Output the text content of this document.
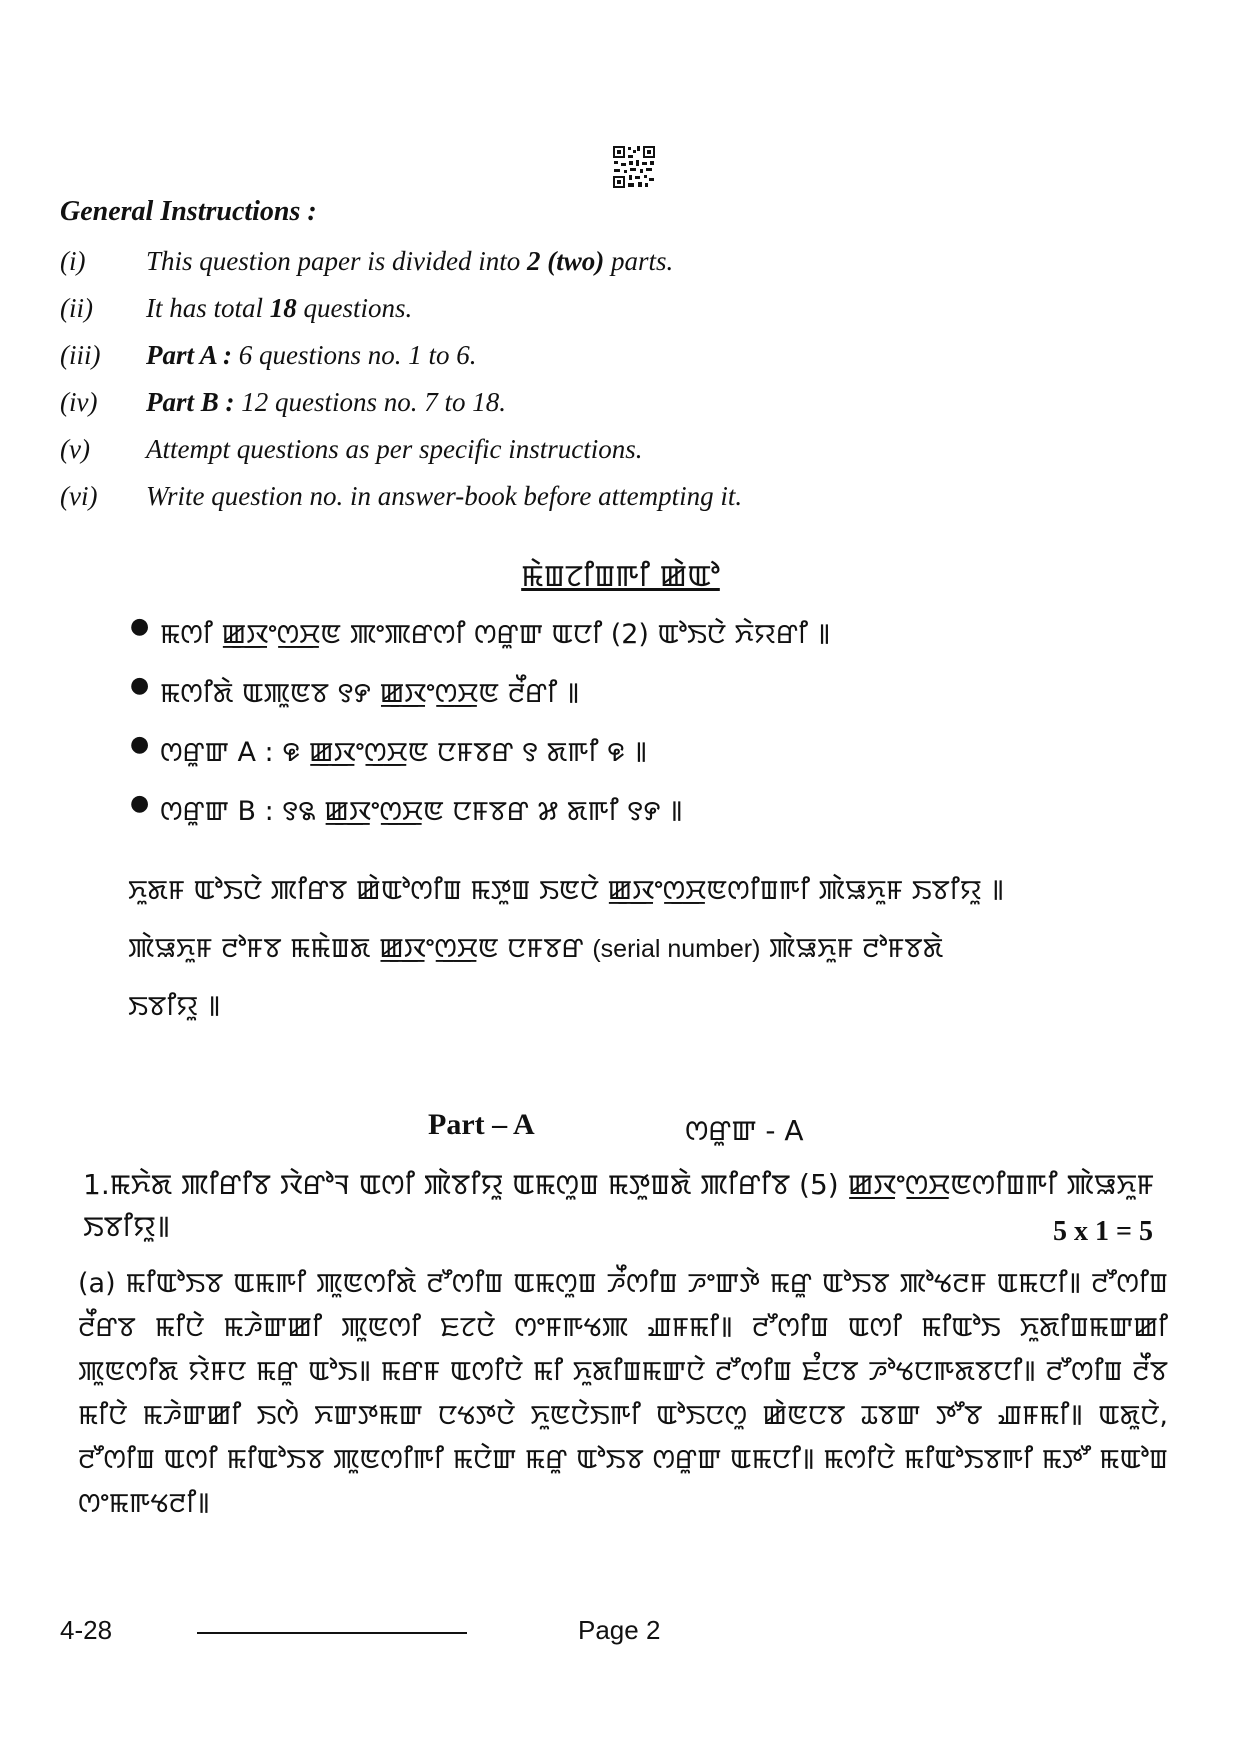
General Instructions :
(i) This question paper is divided into 2 (two) parts.
(ii) It has total 18 questions.
(iii) Part A : 6 questions no. 1 to 6.
(iv) Part B : 12 questions no. 7 to 18.
(v) Attempt questions as per specific instructions.
(vi) Write question no. in answer-book before attempting it.
ꯃꯥꯡꯖꯤꯡꯒꯤ ꯀꯥꯑꯣ
● ꯃꯁꯤ ꯀ꯭ꯋꯦꯁ꯭ꯆꯟ ꯄꯦꯄꯔꯁꯤ ꯁꯔꯨꯛ ꯑꯅꯤ (2) ꯑꯣꯏꯅꯥ ꯈꯥꯌꯔꯤ ꯫
● ꯃꯁꯤꯗꯥ ꯑꯄꯨꯟꯕ ꯱꯸ ꯀ꯭ꯋꯦꯁ꯭ꯆꯟ ꯂꯩꯔꯤ ꯫
● ꯁꯔꯨꯛ A : ꯶ ꯀ꯭ꯋꯦꯁ꯭ꯆꯟ ꯅꯝꯕꯔ ꯱ ꯗꯒꯤ ꯶ ꯫
● ꯁꯔꯨꯛ B : ꯱꯲ ꯀ꯭ꯋꯦꯁ꯭ꯆꯟ ꯅꯝꯕꯔ ꯷ ꯗꯒꯤ ꯱꯸ ꯫
ꯈꯨꯗꯝ ꯑꯣꯏꯅꯥ ꯄꯤꯔꯕ ꯀꯥꯑꯣꯁꯤꯡ ꯃꯇꯨꯡ ꯏꯟꯅꯥ ꯀ꯭ꯋꯦꯁ꯭ꯆꯟꯁꯤꯡꯒꯤ ꯄꯥꯎꯈꯨꯝ ꯏꯕꯤꯌꯨ ꯫
ꯄꯥꯎꯈꯨꯝ ꯂꯣꯝꯕ ꯃꯃꯥꯡꯗ ꯀ꯭ꯋꯦꯁ꯭ꯆꯟ ꯅꯝꯕꯔ (serial number) ꯄꯥꯎꯈꯨꯝ ꯂꯣꯝꯕꯗꯥ
ꯏꯕꯤꯌꯨ ꯫
Part – A	ꯁꯔꯨꯛ - A
1.ꯃꯈꯥꯗ ꯄꯤꯔꯤꯕ ꯋꯥꯔꯣꯜ ꯑꯁꯤ ꯄꯥꯕꯤꯌꯨ ꯑꯃꯁꯨꯡ ꯃꯇꯨꯡꯗꯥ ꯄꯤꯔꯤꯕ (5) ꯀ꯭ꯋꯦꯁ꯭ꯆꯟꯁꯤꯡꯒꯤ ꯄꯥꯎꯈꯨꯝ ꯏꯕꯤꯌꯨ꯫	5 x 1 = 5
(a) ꯃꯤꯑꯣꯏꯕ ꯑꯃꯒꯤ ꯄꯨꯟꯁꯤꯗꯥ ꯂꯧꯁꯤꯡ ꯑꯃꯁꯨꯡ ꯍꯩꯁꯤꯡ ꯍꯦꯛꯇꯥ ꯃꯔꯨ ꯑꯣꯏꯕ ꯄꯣꯠꯂꯝ ꯑꯃꯅꯤ꯫ ꯂꯧꯁꯤꯡ ꯂꯩꯔꯕ ꯃꯤꯅꯥ ꯃꯍꯥꯛꯀꯤ ꯄꯨꯟꯁꯤ ꯐꯖꯅꯥ ꯁꯦꯝꯒꯠꯄ ꯉꯝꯃꯤ꯫ ꯂꯧꯁꯤꯡ ꯑꯁꯤ ꯃꯤꯑꯣꯏ ꯈꯨꯗꯤꯡꯃꯛꯀꯤ ꯄꯨꯟꯁꯤꯗ ꯌꯥꯝꯅ ꯃꯔꯨ ꯑꯣꯏ꯫ ꯃꯔꯝ ꯑꯁꯤꯅꯥ ꯃꯤ ꯈꯨꯗꯤꯡꯃꯛꯅꯥ ꯂꯧꯁꯤꯡ ꯐꯪꯅꯕ ꯍꯣꯠꯅꯒꯗꯕꯅꯤ꯫ ꯂꯧꯁꯤꯡ ꯂꯩꯕ ꯃꯤꯅꯥ ꯃꯍꯥꯛꯀꯤ ꯏꯁꯥ ꯈꯛꯇꯃꯛ ꯅꯠꯇꯅꯥ ꯈꯨꯟꯅꯥꯏꯒꯤ ꯑꯣꯏꯅꯁꯨ ꯀꯥꯟꯅꯕ ꯊꯕꯛ ꯇꯧꯕ ꯉꯝꯃꯤ꯫ ꯑꯗꯨꯅꯥ, ꯂꯧꯁꯤꯡ ꯑꯁꯤ ꯃꯤꯑꯣꯏꯕ ꯄꯨꯟꯁꯤꯒꯤ ꯃꯅꯥꯛ ꯃꯔꯨ ꯑꯣꯏꯕ ꯁꯔꯨꯛ ꯑꯃꯅꯤ꯫ ꯃꯁꯤꯅꯥ ꯃꯤꯑꯣꯏꯕꯒꯤ ꯃꯇꯧ ꯃꯑꯣꯡ ꯁꯦꯃꯒꯠꯂꯤ꯫
4-28	Page 2
